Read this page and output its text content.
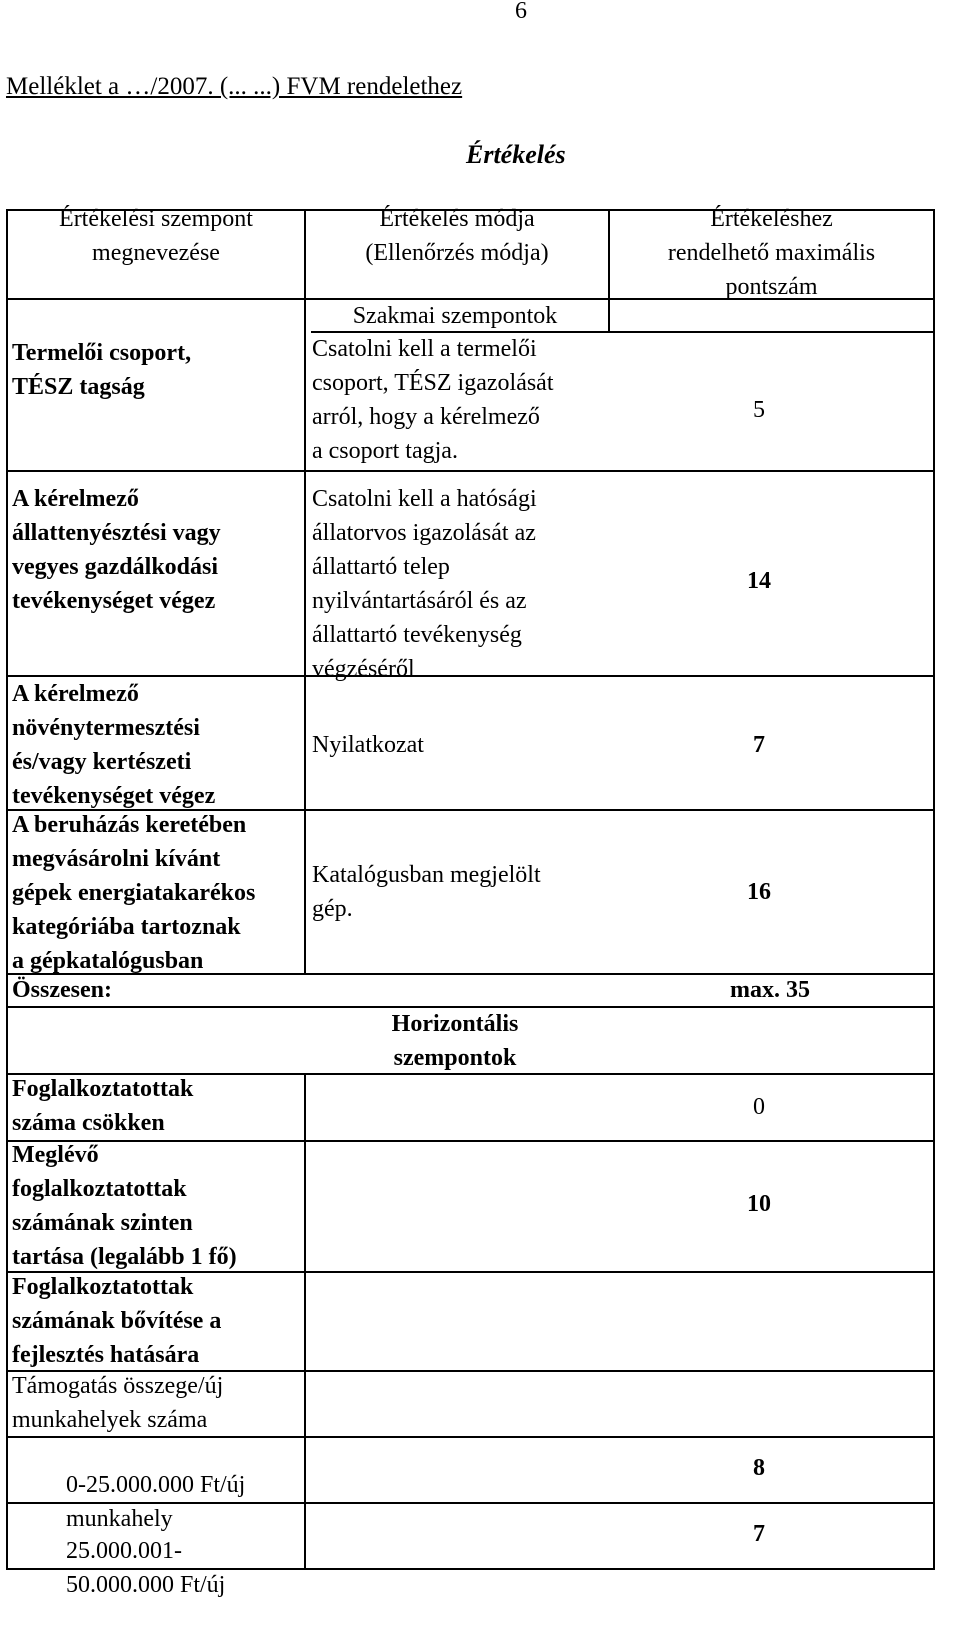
6
Melléklet a …/2007. (... ...) FVM rendelethez
Értékelés
Értékelési szempont
megnevezése
Értékelés módja
(Ellenőrzés módja)
Értékeléshez
rendelhető maximális
pontszám
Szakmai szempontok
Termelői csoport,
TÉSZ tagság
Csatolni kell a termelői
csoport, TÉSZ igazolását
arról, hogy a kérelmező
a csoport tagja.
5
A kérelmező
állattenyésztési vagy
vegyes gazdálkodási
tevékenységet végez
Csatolni kell a hatósági
állatorvos igazolását az
állattartó telep
nyilvántartásáról és az
állattartó tevékenység
végzéséről
14
A kérelmező
növénytermesztési
és/vagy kertészeti
tevékenységet végez
Nyilatkozat	7
A beruházás keretében
megvásárolni kívánt
gépek energiatakarékos
kategóriába tartoznak
a gépkatalógusban
Katalógusban megjelölt
gép.
16
Összesen:	max. 35
Horizontális
szempontok
Foglalkoztatottak
száma csökken
0
Meglévő
foglalkoztatottak
számának szinten
tartása (legalább 1 fő)
10
Foglalkoztatottak
számának bővítése a
fejlesztés hatására
Támogatás összege/új
munkahelyek száma

0-25.000.000 Ft/új
munkahely

8

25.000.001-
50.000.000 Ft/új

7
